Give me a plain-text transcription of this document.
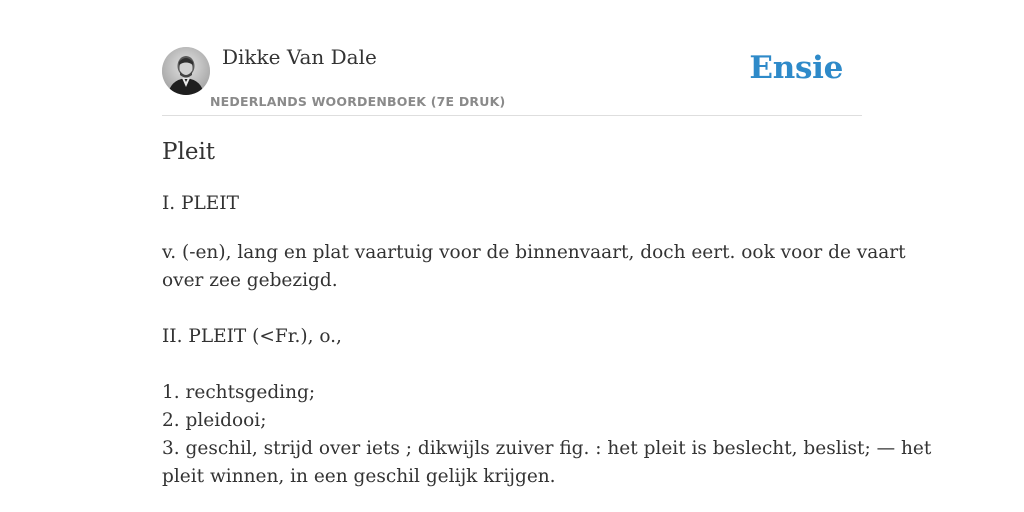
Dikke Van Dale
NEDERLANDS WOORDENBOEK (7E DRUK)
Ensie
Pleit
I. PLEIT
v. (-en), lang en plat vaartuig voor de binnenvaart, doch eert. ook voor de vaart
over zee gebezigd.
II. PLEIT (<Fr.), o.,
1. rechtsgeding;
2. pleidooi;
3. geschil, strijd over iets ; dikwijls zuiver fig. : het pleit is beslecht, beslist; — het
pleit winnen, in een geschil gelijk krijgen.
